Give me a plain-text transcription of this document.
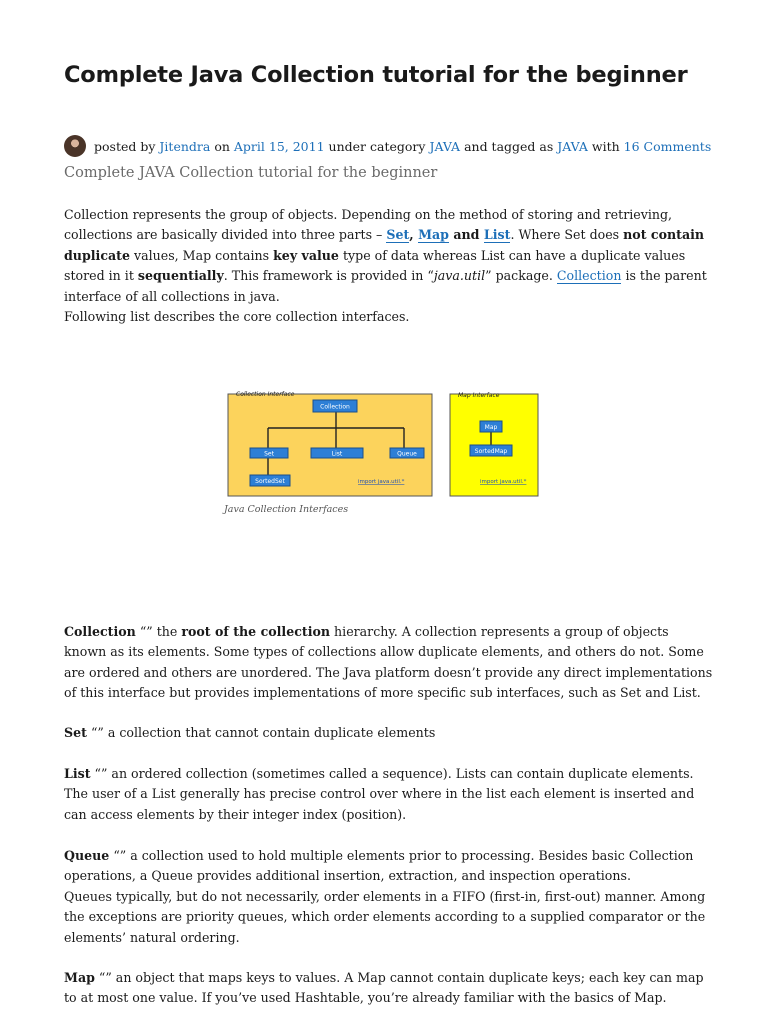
Complete Java Collection tutorial for the beginner
posted by Jitendra on April 15, 2011 under category JAVA and tagged as JAVA with 16 Comments
Complete JAVA Collection tutorial for the beginner

Collection represents the group of objects. Depending on the method of storing and retrieving, collections are basically divided into three parts – Set, Map and List. Where Set does not contain duplicate values, Map contains key value type of data whereas List can have a duplicate values stored in it sequentially. This framework is provided in “java.util” package. Collection is the parent interface of all collections in java.

Following list describes the core collection interfaces.

Collection Interface
Collection
Set	List	Queue
SortedSet	import java.util.*
Map Interface
Map
SortedMap
import java.util.*
Java Collection Interfaces

Collection “” the root of the collection hierarchy. A collection represents a group of objects known as its elements. Some types of collections allow duplicate elements, and others do not. Some are ordered and others are unordered. The Java platform doesn’t provide any direct implementations of this interface but provides implementations of more specific sub interfaces, such as Set and List.

Set “” a collection that cannot contain duplicate elements

List “” an ordered collection (sometimes called a sequence). Lists can contain duplicate elements. The user of a List generally has precise control over where in the list each element is inserted and can access elements by their integer index (position).

Queue “” a collection used to hold multiple elements prior to processing. Besides basic Collection operations, a Queue provides additional insertion, extraction, and inspection operations.
Queues typically, but do not necessarily, order elements in a FIFO (first-in, first-out) manner. Among the exceptions are priority queues, which order elements according to a supplied comparator or the elements’ natural ordering.

Map “” an object that maps keys to values. A Map cannot contain duplicate keys; each key can map to at most one value. If you’ve used Hashtable, you’re already familiar with the basics of Map.
